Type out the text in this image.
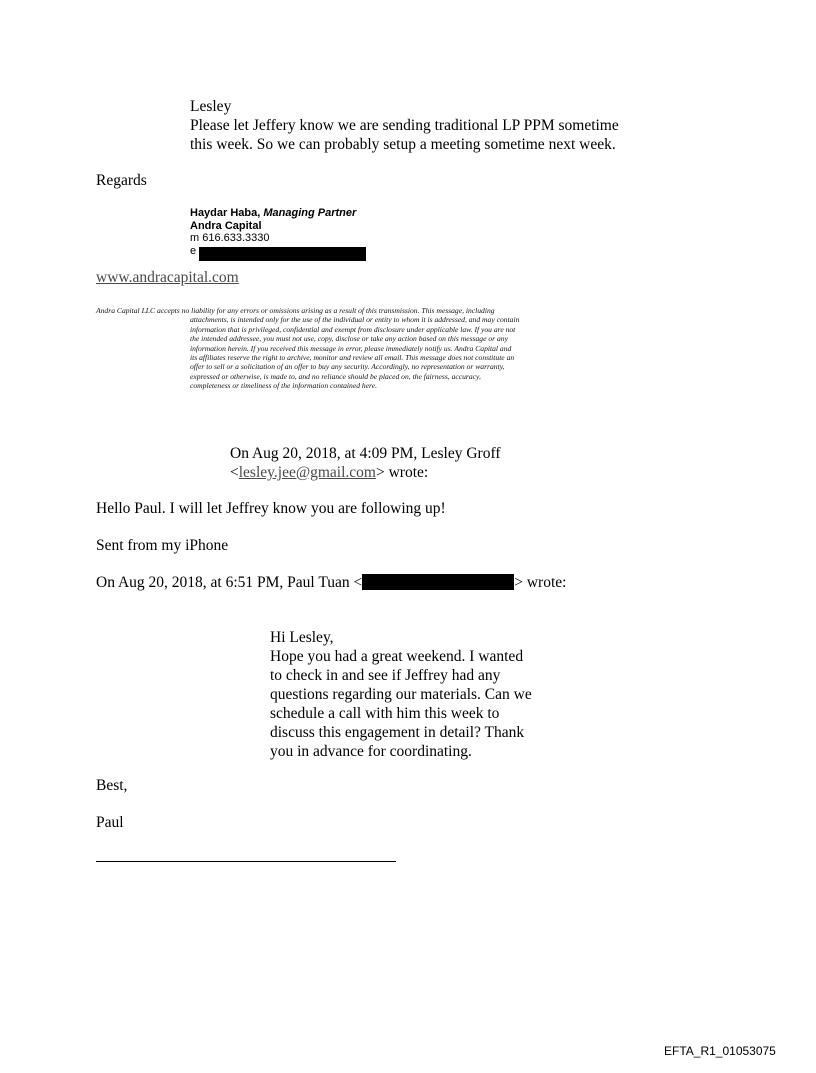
Lesley
Please let Jeffery know we are sending traditional LP PPM sometime
this week. So we can probably setup a meeting sometime next week.
Regards
Haydar Haba, Managing Partner
Andra Capital
m 616.633.3330
e
www.andracapital.com
Andra Capital LLC accepts no liability for any errors or omissions arising as a result of this transmission. This message, including
attachments, is intended only for the use of the individual or entity to whom it is addressed, and may contain
information that is privileged, confidential and exempt from disclosure under applicable law. If you are not
the intended addressee, you must not use, copy, disclose or take any action based on this message or any
information herein. If you received this message in error, please immediately notify us. Andra Capital and
its affiliates reserve the right to archive, monitor and review all email. This message does not constitute an
offer to sell or a solicitation of an offer to buy any security. Accordingly, no representation or warranty,
expressed or otherwise, is made to, and no reliance should be placed on, the fairness, accuracy,
completeness or timeliness of the information contained here.
On Aug 20, 2018, at 4:09 PM, Lesley Groff
<lesley.jee@gmail.com> wrote:
Hello Paul. I will let Jeffrey know you are following up!
Sent from my iPhone
On Aug 20, 2018, at 6:51 PM, Paul Tuan <	> wrote:
Hi Lesley,
Hope you had a great weekend. I wanted
to check in and see if Jeffrey had any
questions regarding our materials. Can we
schedule a call with him this week to
discuss this engagement in detail? Thank
you in advance for coordinating.
Best,
Paul
EFTA_R1_01053075
